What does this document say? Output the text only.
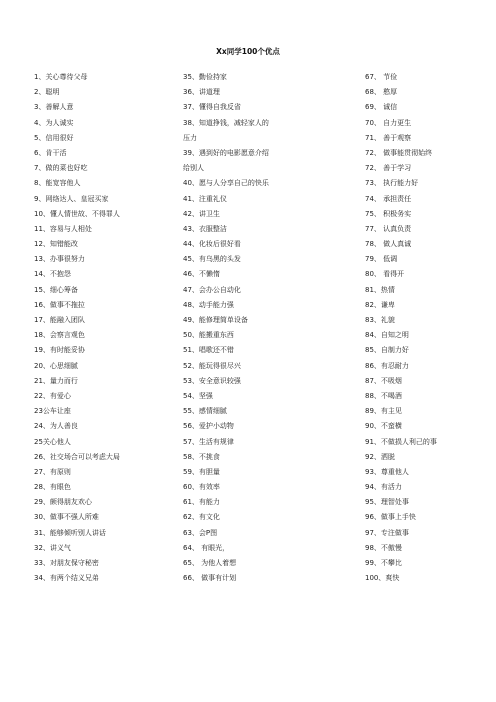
Xx同学100个优点
1、关心尊待父母
2、聪明
3、善解人意
4、为人诚实
5、信用很好
6、肯干活
7、做的菜也好吃
8、能宽容他人
9、网络达人、皇冠买家
10、懂人情世故、不得罪人
11、容易与人相处
12、知错能改
13、办事很努力
14、不抱怨
15、细心筹备
16、做事不拖拉
17、能融入团队
18、会察言观色
19、有时能妥协
20、心思细腻
21、量力而行
22、有爱心
23公车让座
24、为人善良
25关心他人
26、社交场合可以考虑大局
27、有原则
28、有眼色
29、颇得朋友欢心
30、做事不强人所难
31、能够倾听别人讲话
32、讲义气
33、对朋友保守秘密
34、有两个结义兄弟
35、勤俭持家
36、讲道理
37、懂得自我反省
38、知道挣钱，减轻家人的
压力
39、遇到好的电影愿意介绍
给别人
40、愿与人分享自己的快乐
41、注重礼仪
42、讲卫生
43、衣服整洁
44、化妆后很好看
45、有乌黑的头发
46、不懒惰
47、会办公自动化
48、动手能力强
49、能修理简单设备
50、能搬重东西
51、唱歌还不错
52、能玩得很尽兴
53、安全意识较强
54、坚强
55、感情细腻
56、爱护小动物
57、生活有规律
58、不挑食
59、有胆量
60、有效率
61、有能力
62、有文化
63、会P图
64、 有眼光，
65、 为他人着想
66、 做事有计划
67、 节俭
68、 憨厚
69、 诚信
70、 自力更生
71、 善于观察
72、 做事能贯彻始终
72、 善于学习
73、 执行能力好
74、 承担责任
75、 积极务实
77、 认真负责
78、 做人真诚
79、 低调
80、 看得开
81、热情
82、谦卑
83、礼貌
84、自知之明
85、自制力好
86、有忍耐力
87、不吸烟
88、不喝酒
89、有主见
90、不蛮横
91、不做损人利己的事
92、洒脱
93、尊重他人
94、有活力
95、理智处事
96、做事上手快
97、专注做事
98、不傲慢
99、不攀比
100、爽快
